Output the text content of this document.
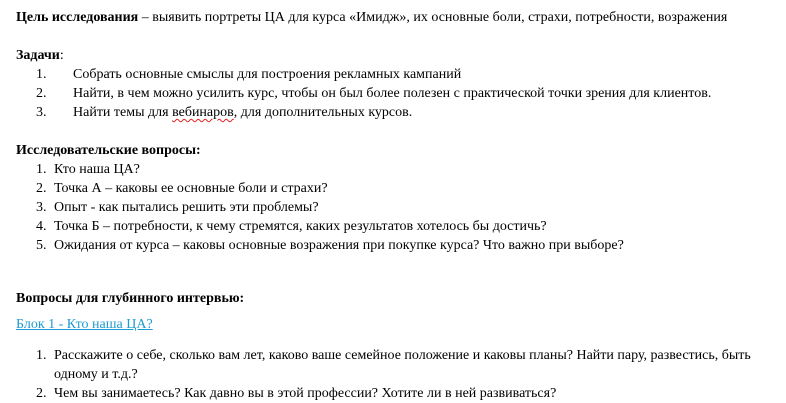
Цель исследования – выявить портреты ЦА для курса «Имидж», их основные боли, страхи, потребности, возражения

Задачи:

1.	Собрать основные смыслы для построения рекламных кампаний
2.	Найти, в чем можно усилить курс, чтобы он был более полезен с практической точки зрения для клиентов.
3.	Найти темы для вебинаров, для дополнительных курсов.

Исследовательские вопросы:

1. Кто наша ЦА?
2. Точка А – каковы ее основные боли и страхи?
3. Опыт - как пытались решить эти проблемы?
4. Точка Б – потребности, к чему стремятся, каких результатов хотелось бы достичь?
5. Ожидания от курса – каковы основные возражения при покупке курса? Что важно при выборе?

Вопросы для глубинного интервью:

Блок 1 - Кто наша ЦА?

1. Расскажите о себе, сколько вам лет, каково ваше семейное положение и каковы планы? Найти пару, развестись, быть одному и т.д.?
2. Чем вы занимаетесь? Как давно вы в этой профессии? Хотите ли в ней развиваться?
